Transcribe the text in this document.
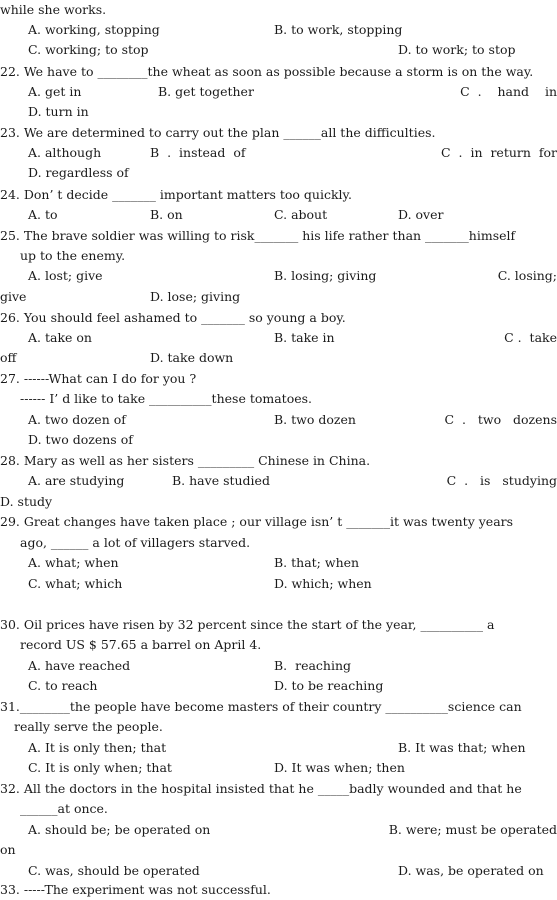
while she works.
A. working, stopping	B. to work, stopping
C. working; to stop	D. to work; to stop
22. We have to ________the wheat as soon as possible because a storm is on the way.
A. get in	B. get together	C  .    hand    in
D. turn in
23. We are determined to carry out the plan ______all the difficulties.
A. although	B  .  instead  of	C  .  in  return  for
D. regardless of
24. Don’ t decide _______ important matters too quickly.
A. to	B. on	C. about	D. over
25. The brave soldier was willing to risk_______ his life rather than _______himself
up to the enemy.
A. lost; give	B. losing; giving	C. losing;
give	D. lose; giving
26. You should feel ashamed to _______ so young a boy.
A. take on	B. take in	C .  take
off	D. take down
27. ------What can I do for you ?
------ I’ d like to take __________these tomatoes.
A. two dozen of	B. two dozen	C  .   two   dozens
D. two dozens of
28. Mary as well as her sisters _________ Chinese in China.
A. are studying	B. have studied	C  .   is   studying
D. study
29. Great changes have taken place ; our village isn’ t _______it was twenty years
ago, ______ a lot of villagers starved.
A. what; when	B. that; when
C. what; which	D. which; when
30. Oil prices have risen by 32 percent since the start of the year, __________ a
record US $ 57.65 a barrel on April 4.
A. have reached	B.  reaching
C. to reach	D. to be reaching
31.________the people have become masters of their country __________science can
really serve the people.
A. It is only then; that	B. It was that; when
C. It is only when; that	D. It was when; then
32. All the doctors in the hospital insisted that he _____badly wounded and that he
______at once.
A. should be; be operated on	B. were; must be operated
on
C. was, should be operated	D. was, be operated on
33. -----The experiment was not successful.
